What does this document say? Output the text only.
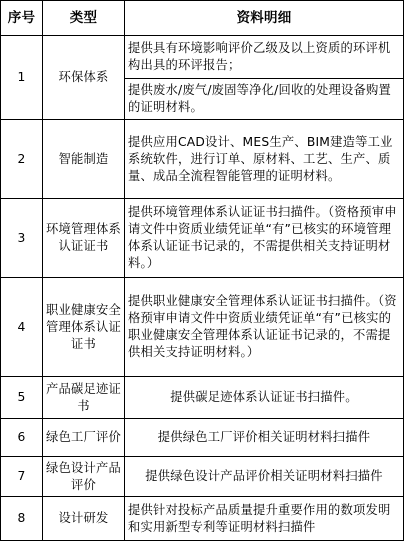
序号	类型	资料明细
1	环保体系	提供具有环境影响评价乙级及以上资质的环评机构出具的环评报告；
		提供废水/废气/废固等净化/回收的处理设备购置的证明材料。
2	智能制造	提供应用CAD设计、MES生产、BIM建造等工业系统软件，进行订单、原材料、工艺、生产、质量、成品全流程智能管理的证明材料。
3	环境管理体系认证证书	提供环境管理体系认证证书扫描件。（资格预审申请文件中资质业绩凭证单“有”已核实的环境管理体系认证证书记录的，不需提供相关支持证明材料。）
4	职业健康安全管理体系认证证书	提供职业健康安全管理体系认证证书扫描件。（资格预审申请文件中资质业绩凭证单“有”已核实的职业健康安全管理体系认证证书记录的，不需提供相关支持证明材料。）
5	产品碳足迹证书	提供碳足迹体系认证证书扫描件。
6	绿色工厂评价	提供绿色工厂评价相关证明材料扫描件
7	绿色设计产品评价	提供绿色设计产品评价相关证明材料扫描件
8	设计研发	提供针对投标产品质量提升重要作用的数项发明和实用新型专利等证明材料扫描件
